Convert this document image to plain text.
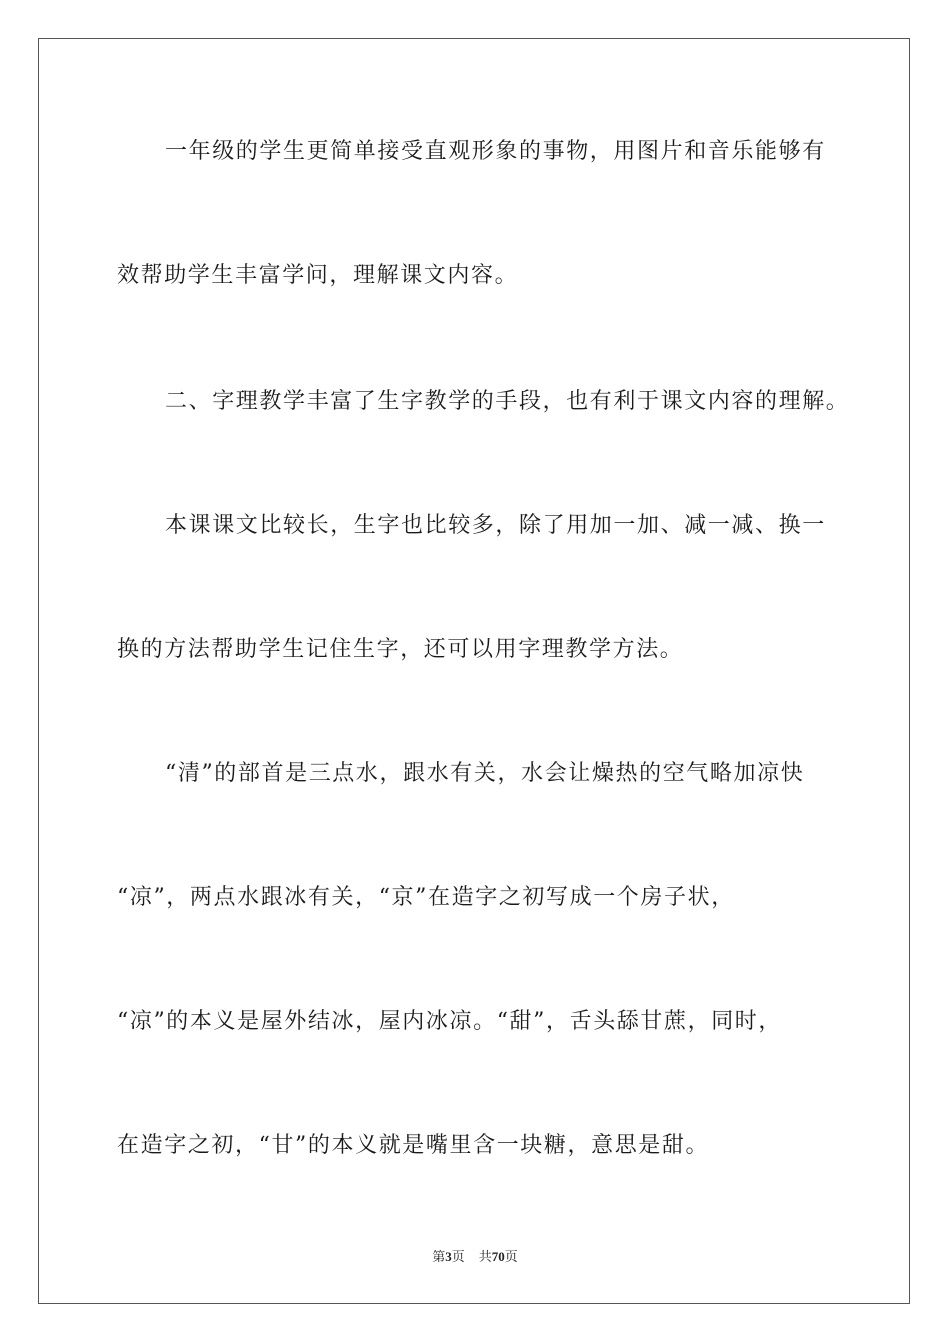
一年级的学生更简单接受直观形象的事物，用图片和音乐能够有
效帮助学生丰富学问，理解课文内容。
二、字理教学丰富了生字教学的手段，也有利于课文内容的理解。
本课课文比较长，生字也比较多，除了用加一加、减一减、换一
换的方法帮助学生记住生字，还可以用字理教学方法。
“清”的部首是三点水，跟水有关，水会让燥热的空气略加凉快
“凉”，两点水跟冰有关，“京”在造字之初写成一个房子状，
“凉”的本义是屋外结冰，屋内冰凉。“甜”，舌头舔甘蔗，同时，
在造字之初，“甘”的本义就是嘴里含一块糖，意思是甜。
第3页 共70页
